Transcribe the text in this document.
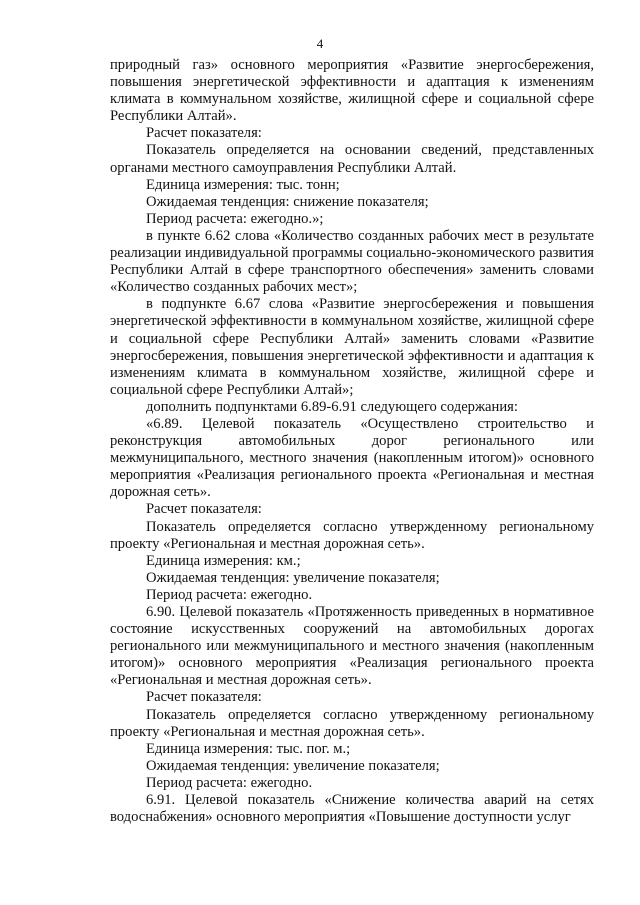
4

природный газ» основного мероприятия «Развитие энергосбережения, повышения энергетической эффективности и адаптация к изменениям климата в коммунальном хозяйстве, жилищной сфере и социальной сфере Республики Алтай».

Расчет показателя:

Показатель определяется на основании сведений, представленных органами местного самоуправления Республики Алтай.

Единица измерения: тыс. тонн;

Ожидаемая тенденция: снижение показателя;

Период расчета: ежегодно.»;

в пункте 6.62 слова «Количество созданных рабочих мест в результате реализации индивидуальной программы социально-экономического развития Республики Алтай в сфере транспортного обеспечения» заменить словами «Количество созданных рабочих мест»;

в подпункте 6.67 слова «Развитие энергосбережения и повышения энергетической эффективности в коммунальном хозяйстве, жилищной сфере и социальной сфере Республики Алтай» заменить словами «Развитие энергосбережения, повышения энергетической эффективности и адаптация к изменениям климата в коммунальном хозяйстве, жилищной сфере и социальной сфере Республики Алтай»;

дополнить подпунктами 6.89-6.91 следующего содержания:

«6.89. Целевой показатель «Осуществлено строительство и реконструкция автомобильных дорог регионального или межмуниципального, местного значения (накопленным итогом)» основного мероприятия «Реализация регионального проекта «Региональная и местная дорожная сеть».

Расчет показателя:

Показатель определяется согласно утвержденному региональному проекту «Региональная и местная дорожная сеть».

Единица измерения: км.;

Ожидаемая тенденция: увеличение показателя;

Период расчета: ежегодно.

6.90. Целевой показатель «Протяженность приведенных в нормативное состояние искусственных сооружений на автомобильных дорогах регионального или межмуниципального и местного значения (накопленным итогом)» основного мероприятия «Реализация регионального проекта «Региональная и местная дорожная сеть».

Расчет показателя:

Показатель определяется согласно утвержденному региональному проекту «Региональная и местная дорожная сеть».

Единица измерения: тыс. пог. м.;

Ожидаемая тенденция: увеличение показателя;

Период расчета: ежегодно.

6.91. Целевой показатель «Снижение количества аварий на сетях водоснабжения» основного мероприятия «Повышение доступности услуг
